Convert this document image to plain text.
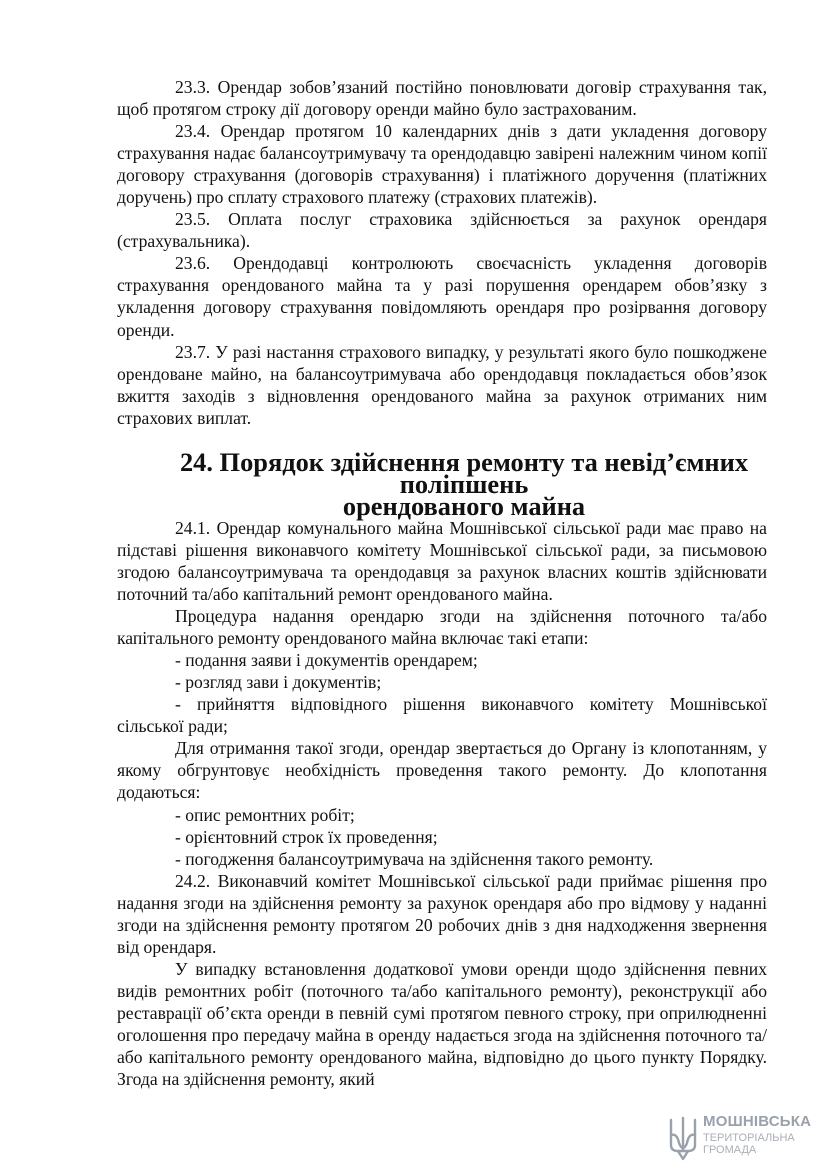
23.3. Орендар зобов’язаний постійно поновлювати договір страхування так, щоб протягом строку дії договору оренди майно було застрахованим.

23.4. Орендар протягом 10 календарних днів з дати укладення договору страхування надає балансоутримувачу та орендодавцю завірені належним чином копії договору страхування (договорів страхування) і платіжного доручення (платіжних доручень) про сплату страхового платежу (страхових платежів).

23.5. Оплата послуг страховика здійснюється за рахунок орендаря (страхувальника).

23.6. Орендодавці контролюють своєчасність укладення договорів страхування орендованого майна та у разі порушення орендарем обов’язку з укладення договору страхування повідомляють орендаря про розірвання договору оренди.

23.7. У разі настання страхового випадку, у результаті якого було пошкоджене орендоване майно, на балансоутримувача або орендодавця покладається обов’язок вжиття заходів з відновлення орендованого майна за рахунок отриманих ним страхових виплат.

24. Порядок здійснення ремонту та невід’ємних поліпшень
орендованого майна

24.1. Орендар комунального майна Мошнівської сільської ради має право на підставі рішення виконавчого комітету Мошнівської сільської ради, за письмовою згодою балансоутримувача та орендодавця за рахунок власних коштів здійснювати поточний та/або капітальний ремонт орендованого майна.

Процедура надання орендарю згоди на здійснення поточного та/або капітального ремонту орендованого майна включає такі етапи:

- подання заяви і документів орендарем;

- розгляд зави і документів;

- прийняття відповідного рішення виконавчого комітету Мошнівської сільської ради;

Для отримання такої згоди, орендар звертається до Органу із клопотанням, у якому обгрунтовує необхідність проведення такого ремонту. До клопотання додаються:

- опис ремонтних робіт;

- орієнтовний строк їх проведення;

- погодження балансоутримувача на здійснення такого ремонту.

24.2. Виконавчий комітет Мошнівської сільської ради приймає рішення про надання згоди на здійснення ремонту за рахунок орендаря або про відмову у наданні згоди на здійснення ремонту протягом 20 робочих днів з дня надходження звернення від орендаря.

У випадку встановлення додаткової умови оренди щодо здійснення певних видів ремонтних робіт (поточного та/або капітального ремонту), реконструкції або реставрації об’єкта оренди в певній сумі протягом певного строку, при оприлюдненні оголошення про передачу майна в оренду надається згода на здійснення поточного та/або капітального ремонту орендованого майна, відповідно до цього пункту Порядку. Згода на здійснення ремонту, який

МОШНІВСЬКА
ТЕРИТОРІАЛЬНА
ГРОМАДА
